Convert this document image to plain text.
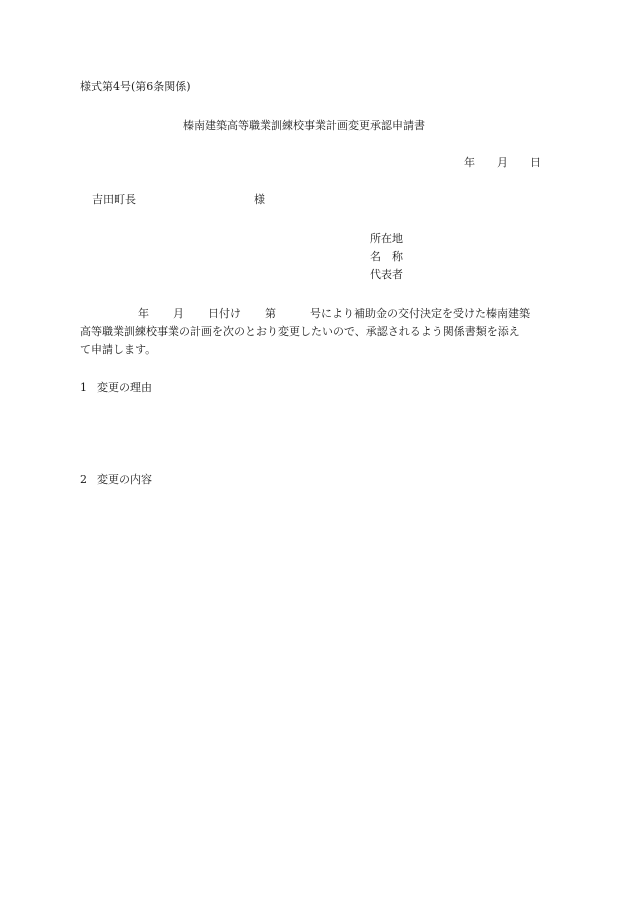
様式第4号(第6条関係)
榛南建築高等職業訓練校事業計画変更承認申請書
年 月 日
吉田町長	様
所在地
名　称
代表者
年 月 日付け 第	号により補助金の交付決定を受けた榛南建築
高等職業訓練校事業の計画を次のとおり変更したいので、承認されるよう関係書類を添え
て申請します。
1 変更の理由
2 変更の内容
